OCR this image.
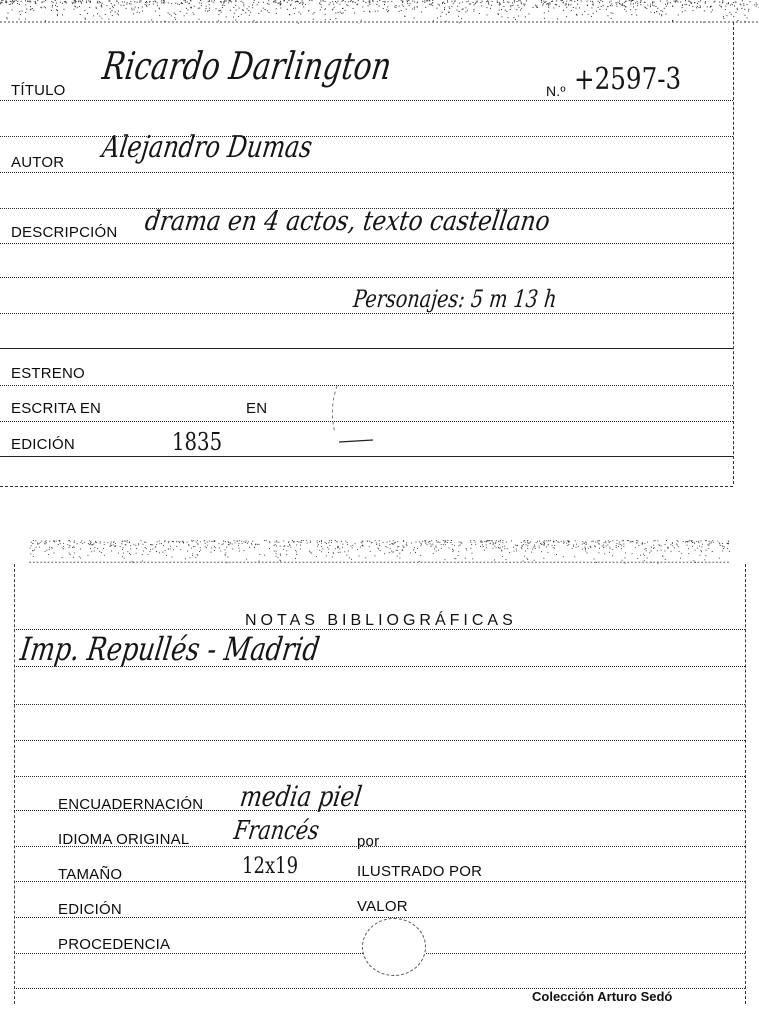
TÍTULO
Ricardo Darlington
N.º +2597-3
AUTOR Alejandro Dumas
DESCRIPCIÓN drama en 4 actos, texto castellano
Personajes: 5 m 13 h
ESTRENO
ESCRITA EN	EN
EDICIÓN	1835
NOTAS BIBLIOGRÁFICAS
Imp. Repullés - Madrid
ENCUADERNACIÓN media piel
IDIOMA ORIGINAL Francés por
TAMAÑO	12x19	ILUSTRADO POR
EDICIÓN	VALOR
PROCEDENCIA
Colección Arturo Sedó
